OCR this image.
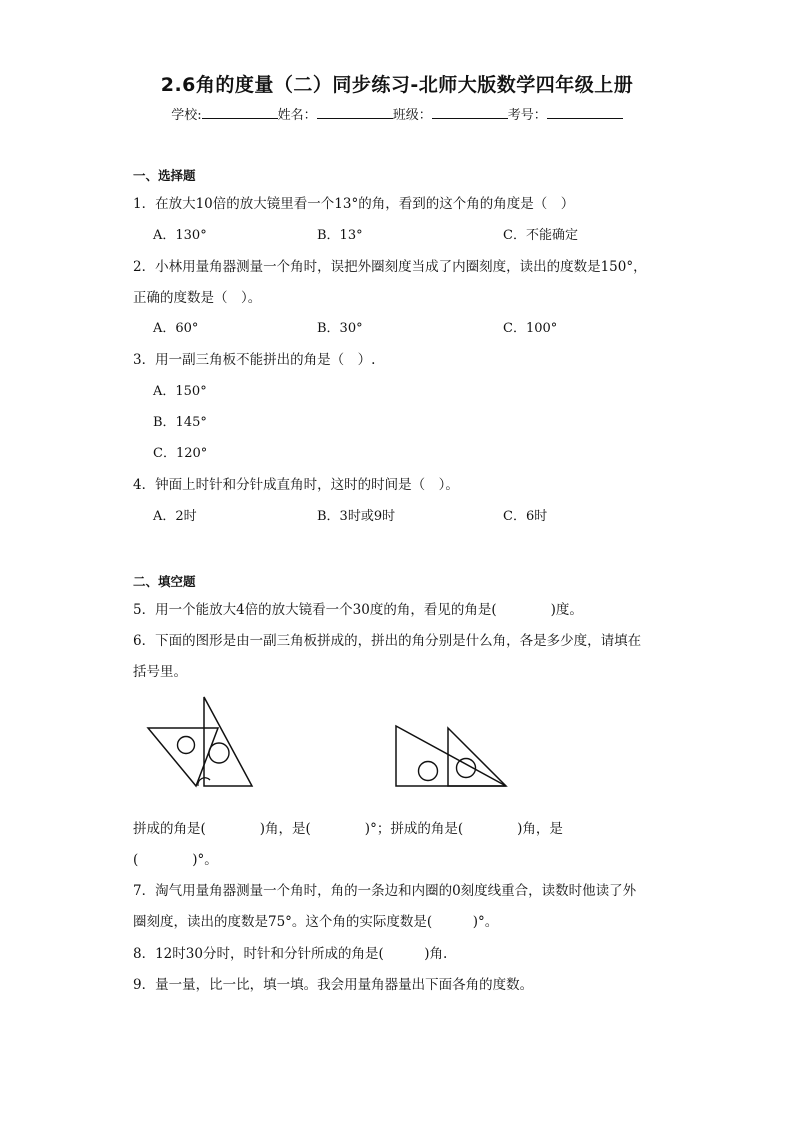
2.6角的度量（二）同步练习-北师大版数学四年级上册
学校:	姓名：	班级：	考号：
一、选择题
1．在放大10倍的放大镜里看一个13°的角，看到的这个角的角度是（　）
A．130°	B．13°	C．不能确定
2．小林用量角器测量一个角时，误把外圈刻度当成了内圈刻度，读出的度数是150°，
正确的度数是（　）。
A．60°	B．30°	C．100°
3．用一副三角板不能拼出的角是（　）.
A．150°
B．145°
C．120°
4．钟面上时针和分针成直角时，这时的时间是（　）。
A．2时	B．3时或9时	C．6时
二、填空题
5．用一个能放大4倍的放大镜看一个30度的角，看见的角是(　　　　)度。
6．下面的图形是由一副三角板拼成的，拼出的角分别是什么角，各是多少度，请填在
括号里。
拼成的角是(　　　　)角，是(　　　　)°；拼成的角是(　　　　)角，是
(　　　　)°。
7．淘气用量角器测量一个角时，角的一条边和内圈的0刻度线重合，读数时他读了外
圈刻度，读出的度数是75°。这个角的实际度数是(　　　)°。
8．12时30分时，时针和分针所成的角是(　　　)角.
9．量一量，比一比，填一填。我会用量角器量出下面各角的度数。
